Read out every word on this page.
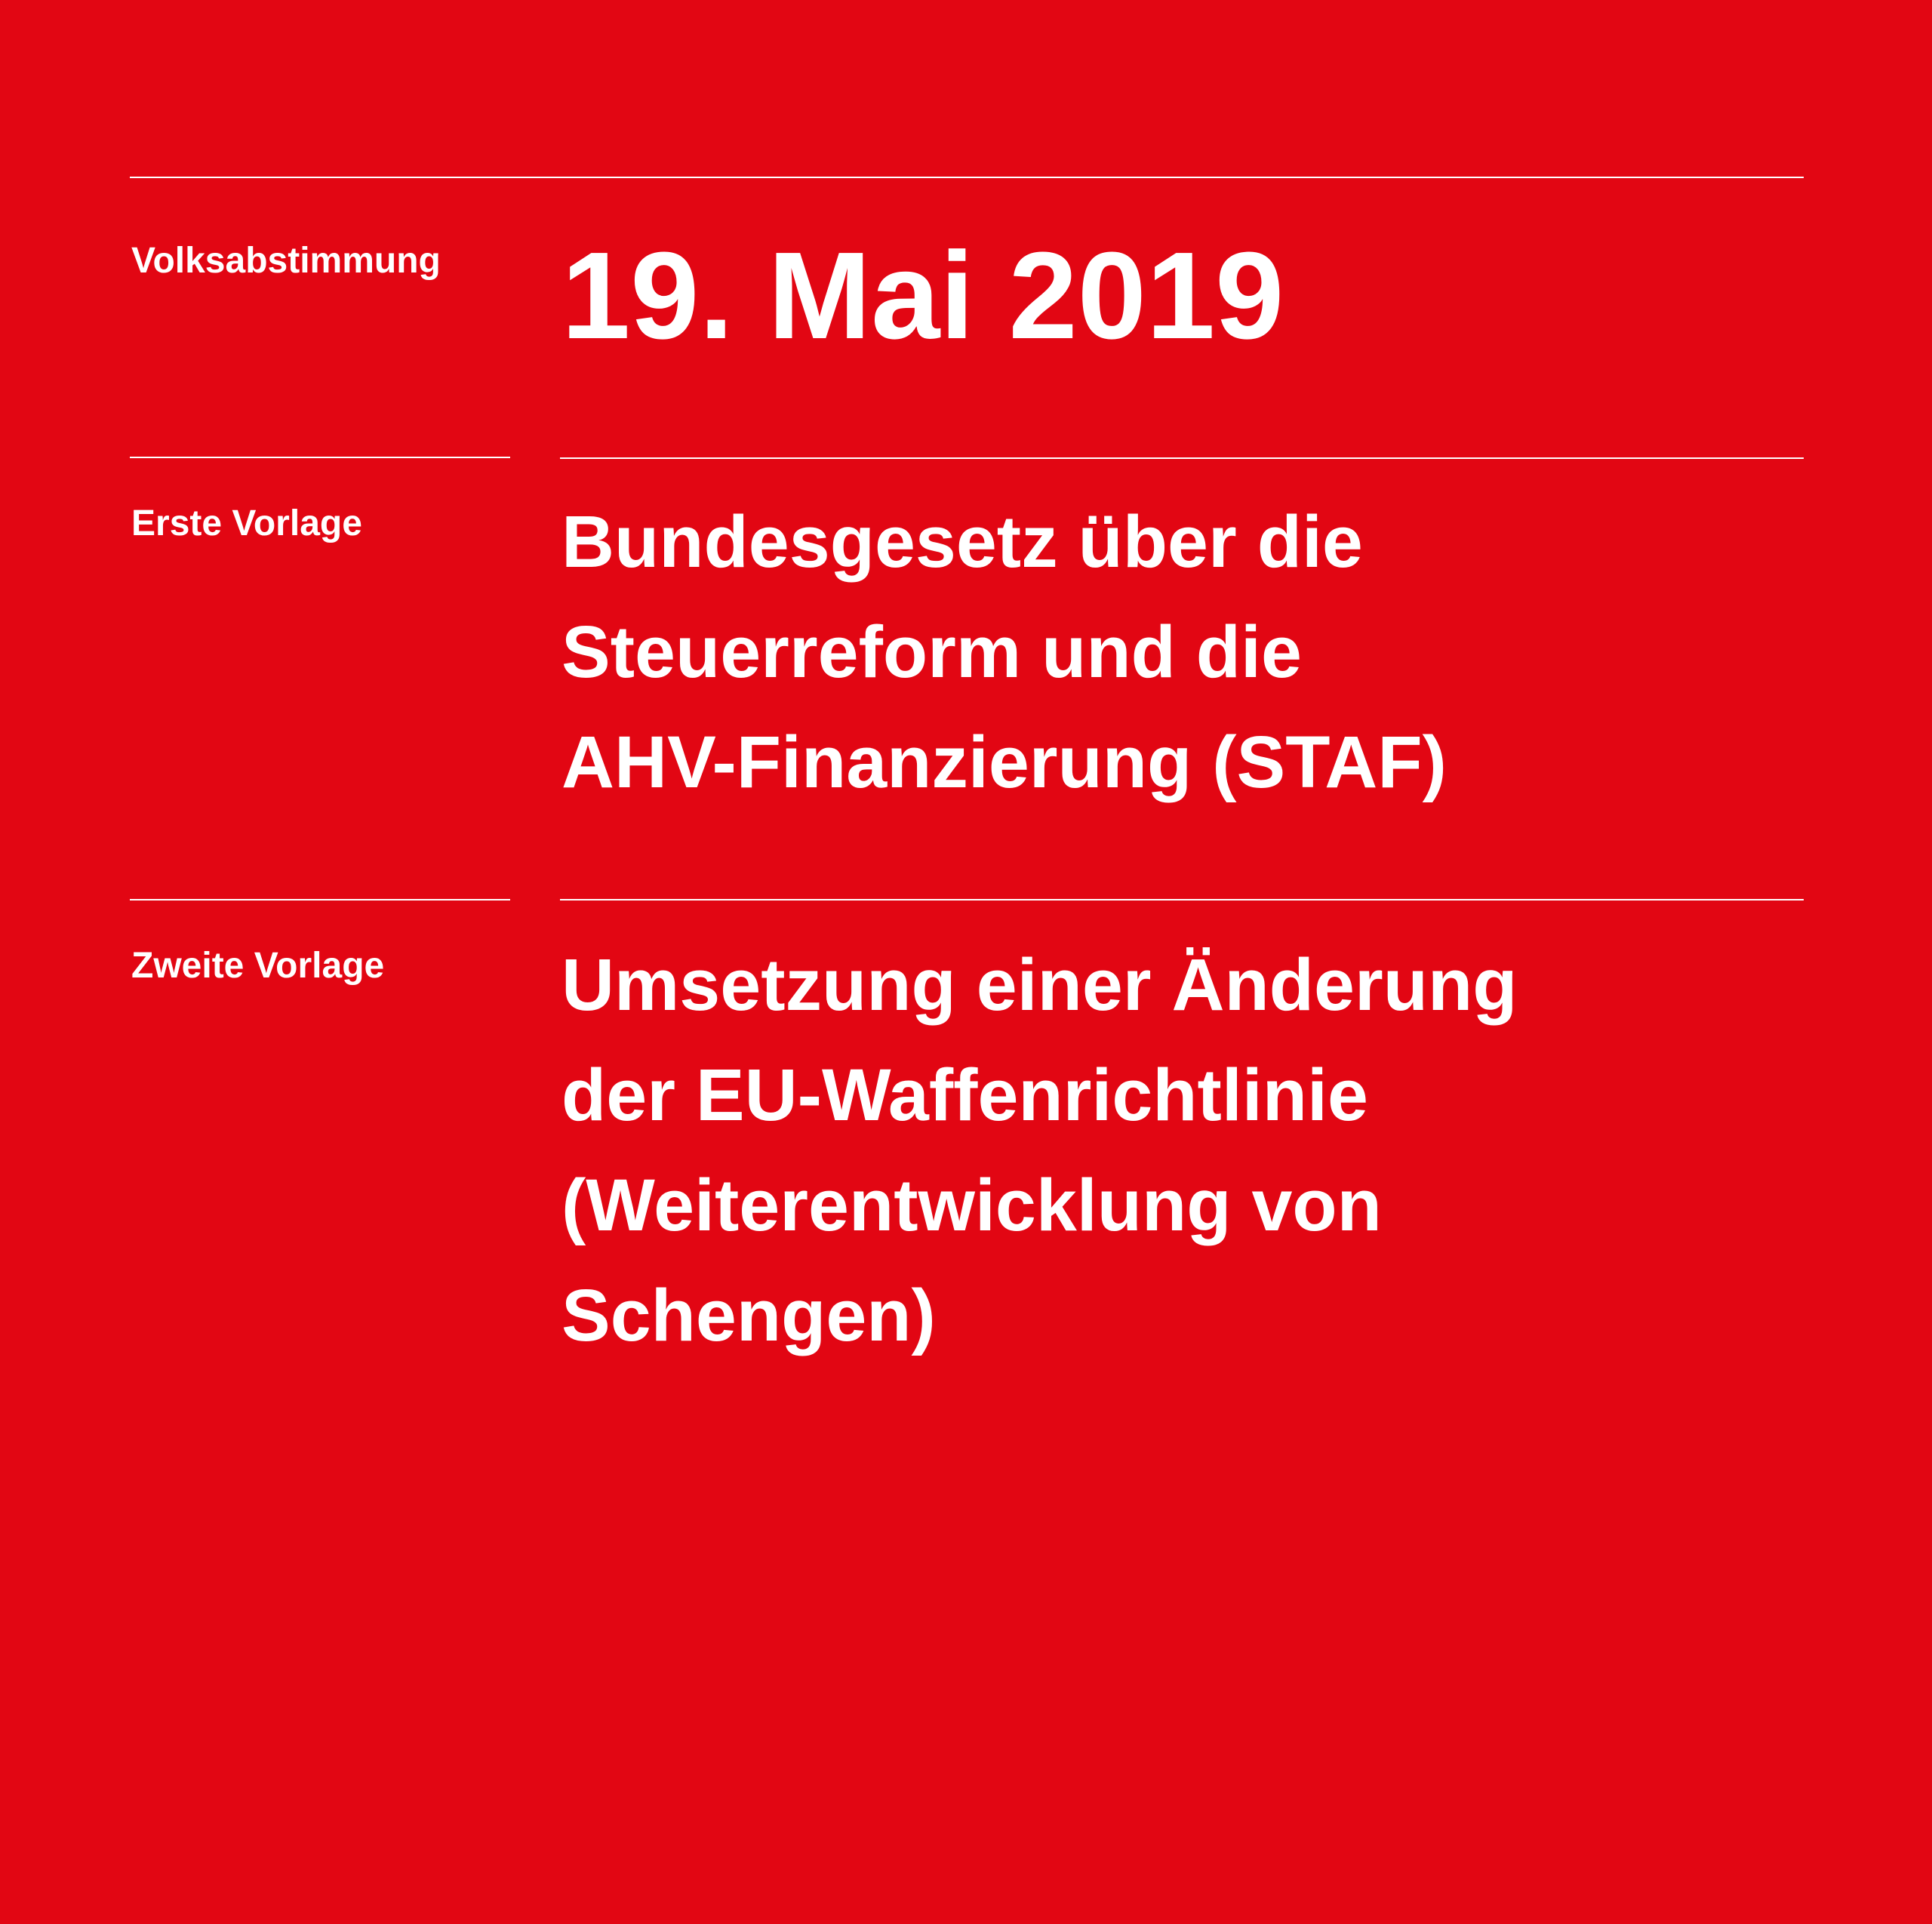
Volksabstimmung 19. Mai 2019
Erste Vorlage	Bundesgesetz über die
Steuerreform und die
AHV-Finanzierung (STAF)
Zweite Vorlage Umsetzung einer Änderung
der EU-Waffenrichtlinie
(Weiterentwicklung von
Schengen)
